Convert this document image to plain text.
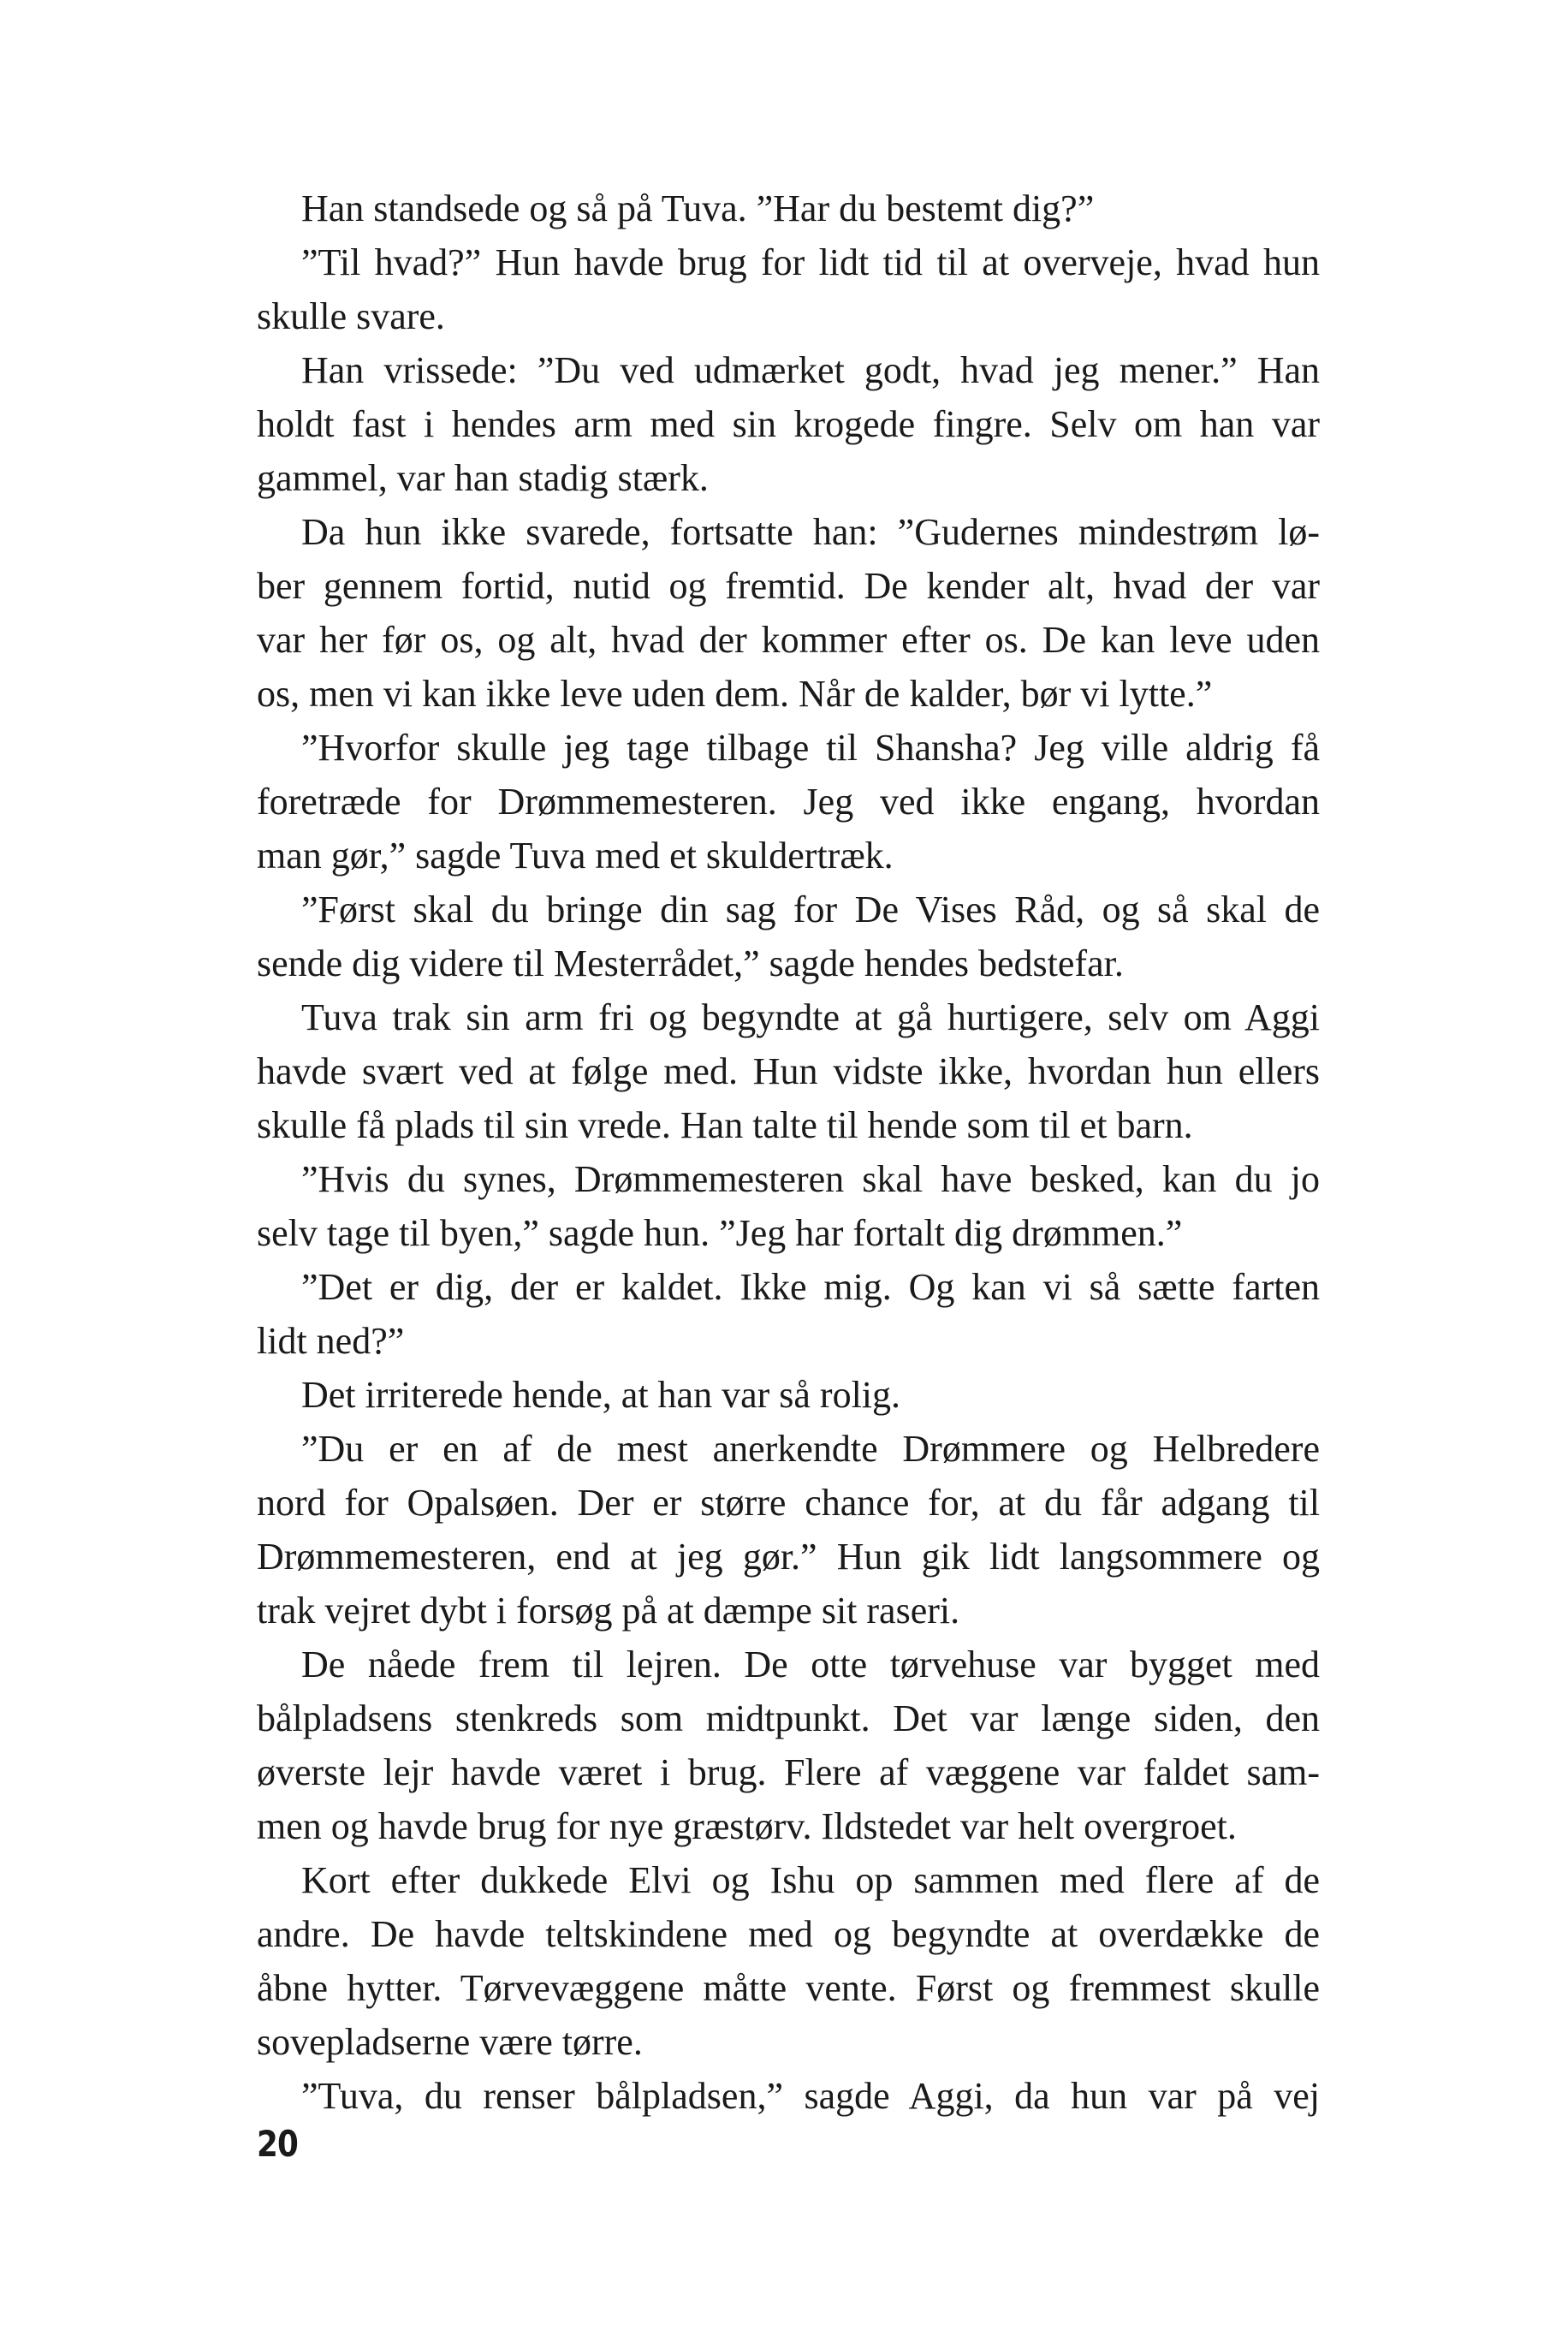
Han standsede og så på Tuva. ”Har du bestemt dig?”
”Til hvad?” Hun havde brug for lidt tid til at overveje, hvad hun
skulle svare.
Han vrissede: ”Du ved udmærket godt, hvad jeg mener.” Han
holdt fast i hendes arm med sin krogede fingre. Selv om han var
gammel, var han stadig stærk.
Da hun ikke svarede, fortsatte han: ”Gudernes mindestrøm lø-
ber gennem fortid, nutid og fremtid. De kender alt, hvad der var
var her før os, og alt, hvad der kommer efter os. De kan leve uden
os, men vi kan ikke leve uden dem. Når de kalder, bør vi lytte.”
”Hvorfor skulle jeg tage tilbage til Shansha? Jeg ville aldrig få
foretræde for Drømmemesteren. Jeg ved ikke engang, hvordan
man gør,” sagde Tuva med et skuldertræk.
”Først skal du bringe din sag for De Vises Råd, og så skal de
sende dig videre til Mesterrådet,” sagde hendes bedstefar.
Tuva trak sin arm fri og begyndte at gå hurtigere, selv om Aggi
havde svært ved at følge med. Hun vidste ikke, hvordan hun ellers
skulle få plads til sin vrede. Han talte til hende som til et barn.
”Hvis du synes, Drømmemesteren skal have besked, kan du jo
selv tage til byen,” sagde hun. ”Jeg har fortalt dig drømmen.”
”Det er dig, der er kaldet. Ikke mig. Og kan vi så sætte farten
lidt ned?”
Det irriterede hende, at han var så rolig.
”Du er en af de mest anerkendte Drømmere og Helbredere
nord for Opalsøen. Der er større chance for, at du får adgang til
Drømmemesteren, end at jeg gør.” Hun gik lidt langsommere og
trak vejret dybt i forsøg på at dæmpe sit raseri.
De nåede frem til lejren. De otte tørvehuse var bygget med
bålpladsens stenkreds som midtpunkt. Det var længe siden, den
øverste lejr havde været i brug. Flere af væggene var faldet sam-
men og havde brug for nye græstørv. Ildstedet var helt overgroet.
Kort efter dukkede Elvi og Ishu op sammen med flere af de
andre. De havde teltskindene med og begyndte at overdække de
åbne hytter. Tørvevæggene måtte vente. Først og fremmest skulle
sovepladserne være tørre.
”Tuva, du renser bålpladsen,” sagde Aggi, da hun var på vej
20
